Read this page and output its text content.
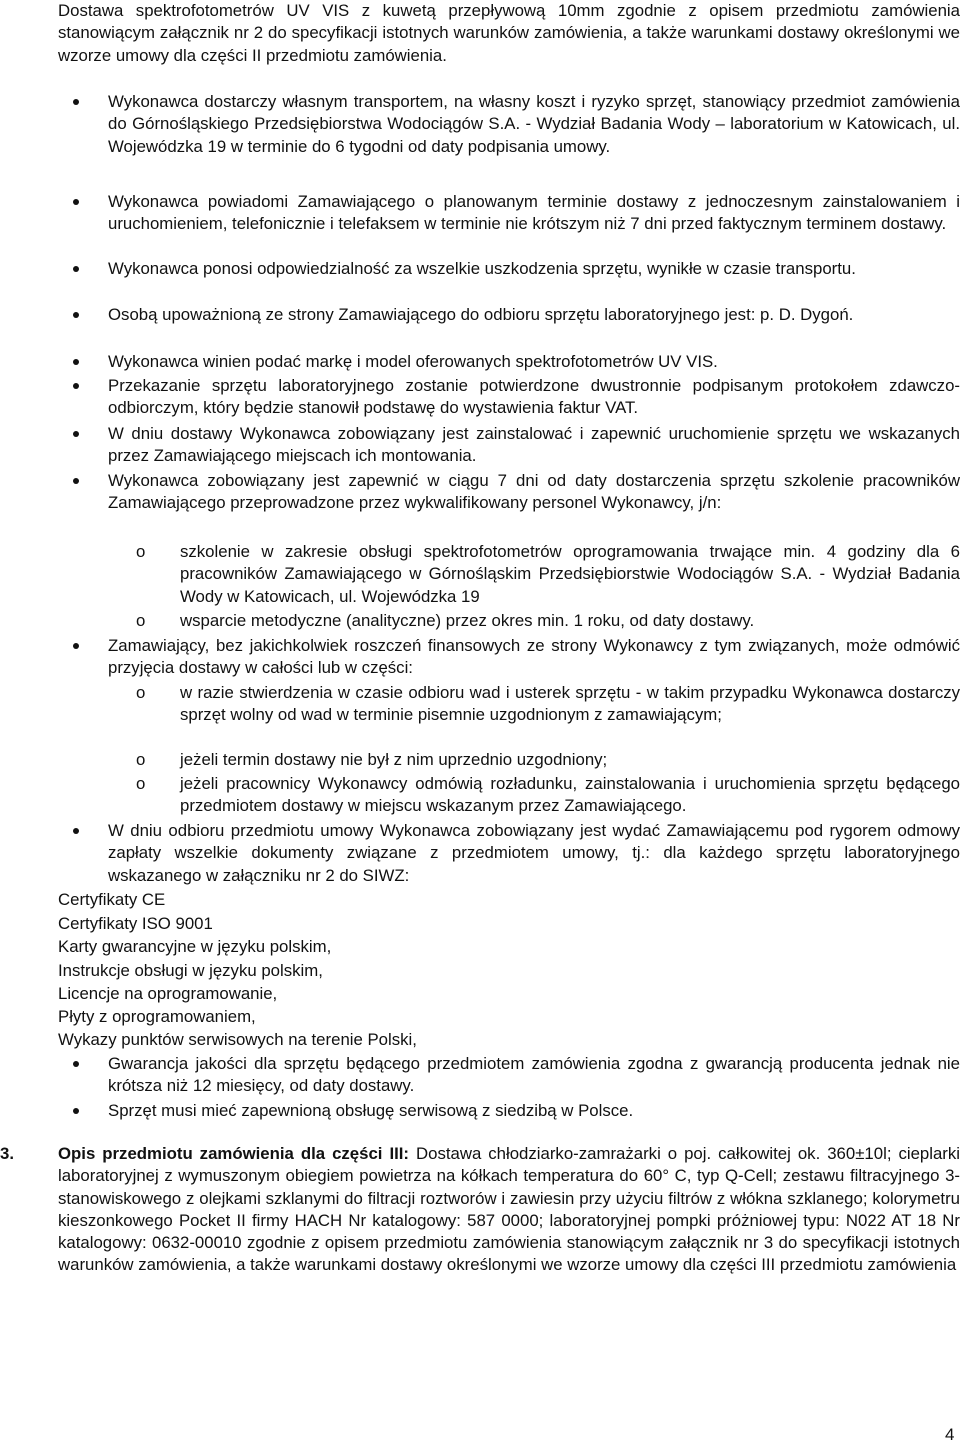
Dostawa spektrofotometrów UV VIS z kuwetą przepływową 10mm zgodnie z opisem przedmiotu zamówienia stanowiącym załącznik nr 2 do specyfikacji istotnych warunków zamówienia, a także warunkami dostawy określonymi we wzorze umowy dla części II przedmiotu zamówienia.

Wykonawca dostarczy własnym transportem, na własny koszt i ryzyko sprzęt, stanowiący przedmiot zamówienia do Górnośląskiego Przedsiębiorstwa Wodociągów S.A. - Wydział Badania Wody – laboratorium w Katowicach, ul. Wojewódzka 19 w terminie do 6 tygodni od daty podpisania umowy.
Wykonawca powiadomi Zamawiającego o planowanym terminie dostawy z jednoczesnym zainstalowaniem i uruchomieniem, telefonicznie i telefaksem w terminie nie krótszym niż 7 dni przed faktycznym terminem dostawy.
Wykonawca ponosi odpowiedzialność za wszelkie uszkodzenia sprzętu, wynikłe w czasie transportu.
Osobą upoważnioną ze strony Zamawiającego do odbioru sprzętu laboratoryjnego jest: p. D. Dygoń.
Wykonawca winien podać markę i model oferowanych spektrofotometrów UV VIS.
Przekazanie sprzętu laboratoryjnego zostanie potwierdzone dwustronnie podpisanym protokołem zdawczo-odbiorczym, który będzie stanowił podstawę do wystawienia faktur VAT.
W dniu dostawy Wykonawca zobowiązany jest zainstalować i zapewnić uruchomienie sprzętu we wskazanych przez Zamawiającego miejscach ich montowania.
Wykonawca zobowiązany jest zapewnić w ciągu 7 dni od daty dostarczenia sprzętu szkolenie pracowników Zamawiającego przeprowadzone przez wykwalifikowany personel Wykonawcy, j/n:
o szkolenie w zakresie obsługi spektrofotometrów oprogramowania trwające min. 4 godziny dla 6 pracowników Zamawiającego w Górnośląskim Przedsiębiorstwie Wodociągów S.A. - Wydział Badania Wody w Katowicach, ul. Wojewódzka 19
o wsparcie metodyczne (analityczne) przez okres min. 1 roku, od daty dostawy.
Zamawiający, bez jakichkolwiek roszczeń finansowych ze strony Wykonawcy z tym związanych, może odmówić przyjęcia dostawy w całości lub w części:
o w razie stwierdzenia w czasie odbioru wad i usterek sprzętu - w takim przypadku Wykonawca dostarczy sprzęt wolny od wad w terminie pisemnie uzgodnionym z zamawiającym;
o jeżeli termin dostawy nie był z nim uprzednio uzgodniony;
o jeżeli pracownicy Wykonawcy odmówią rozładunku, zainstalowania i uruchomienia sprzętu będącego przedmiotem dostawy w miejscu wskazanym przez Zamawiającego.
W dniu odbioru przedmiotu umowy Wykonawca zobowiązany jest wydać Zamawiającemu pod rygorem odmowy zapłaty wszelkie dokumenty związane z przedmiotem umowy, tj.: dla każdego sprzętu laboratoryjnego wskazanego w załączniku nr 2 do SIWZ:

Certyfikaty CE

Certyfikaty ISO 9001

Karty gwarancyjne w języku polskim,

Instrukcje obsługi w języku polskim,

Licencje na oprogramowanie,

Płyty z oprogramowaniem,

Wykazy punktów serwisowych na terenie Polski,

Gwarancja jakości dla sprzętu będącego przedmiotem zamówienia zgodna z gwarancją producenta jednak nie krótsza niż 12 miesięcy, od daty dostawy.
Sprzęt musi mieć zapewnioną obsługę serwisową z siedzibą w Polsce.
3.	Opis przedmiotu zamówienia dla części III: Dostawa chłodziarko-zamrażarki o poj. całkowitej ok. 360±10l; cieplarki laboratoryjnej z wymuszonym obiegiem powietrza na kółkach temperatura do 60° C, typ Q-Cell; zestawu filtracyjnego 3-stanowiskowego z olejkami szklanymi do filtracji roztworów i zawiesin przy użyciu filtrów z włókna szklanego; kolorymetru kieszonkowego Pocket II firmy HACH Nr katalogowy: 587 0000; laboratoryjnej pompki próżniowej typu: N022 AT 18 Nr katalogowy: 0632-00010 zgodnie z opisem przedmiotu zamówienia stanowiącym załącznik nr 3 do specyfikacji istotnych warunków zamówienia, a także warunkami dostawy określonymi we wzorze umowy dla części III przedmiotu zamówienia
4
